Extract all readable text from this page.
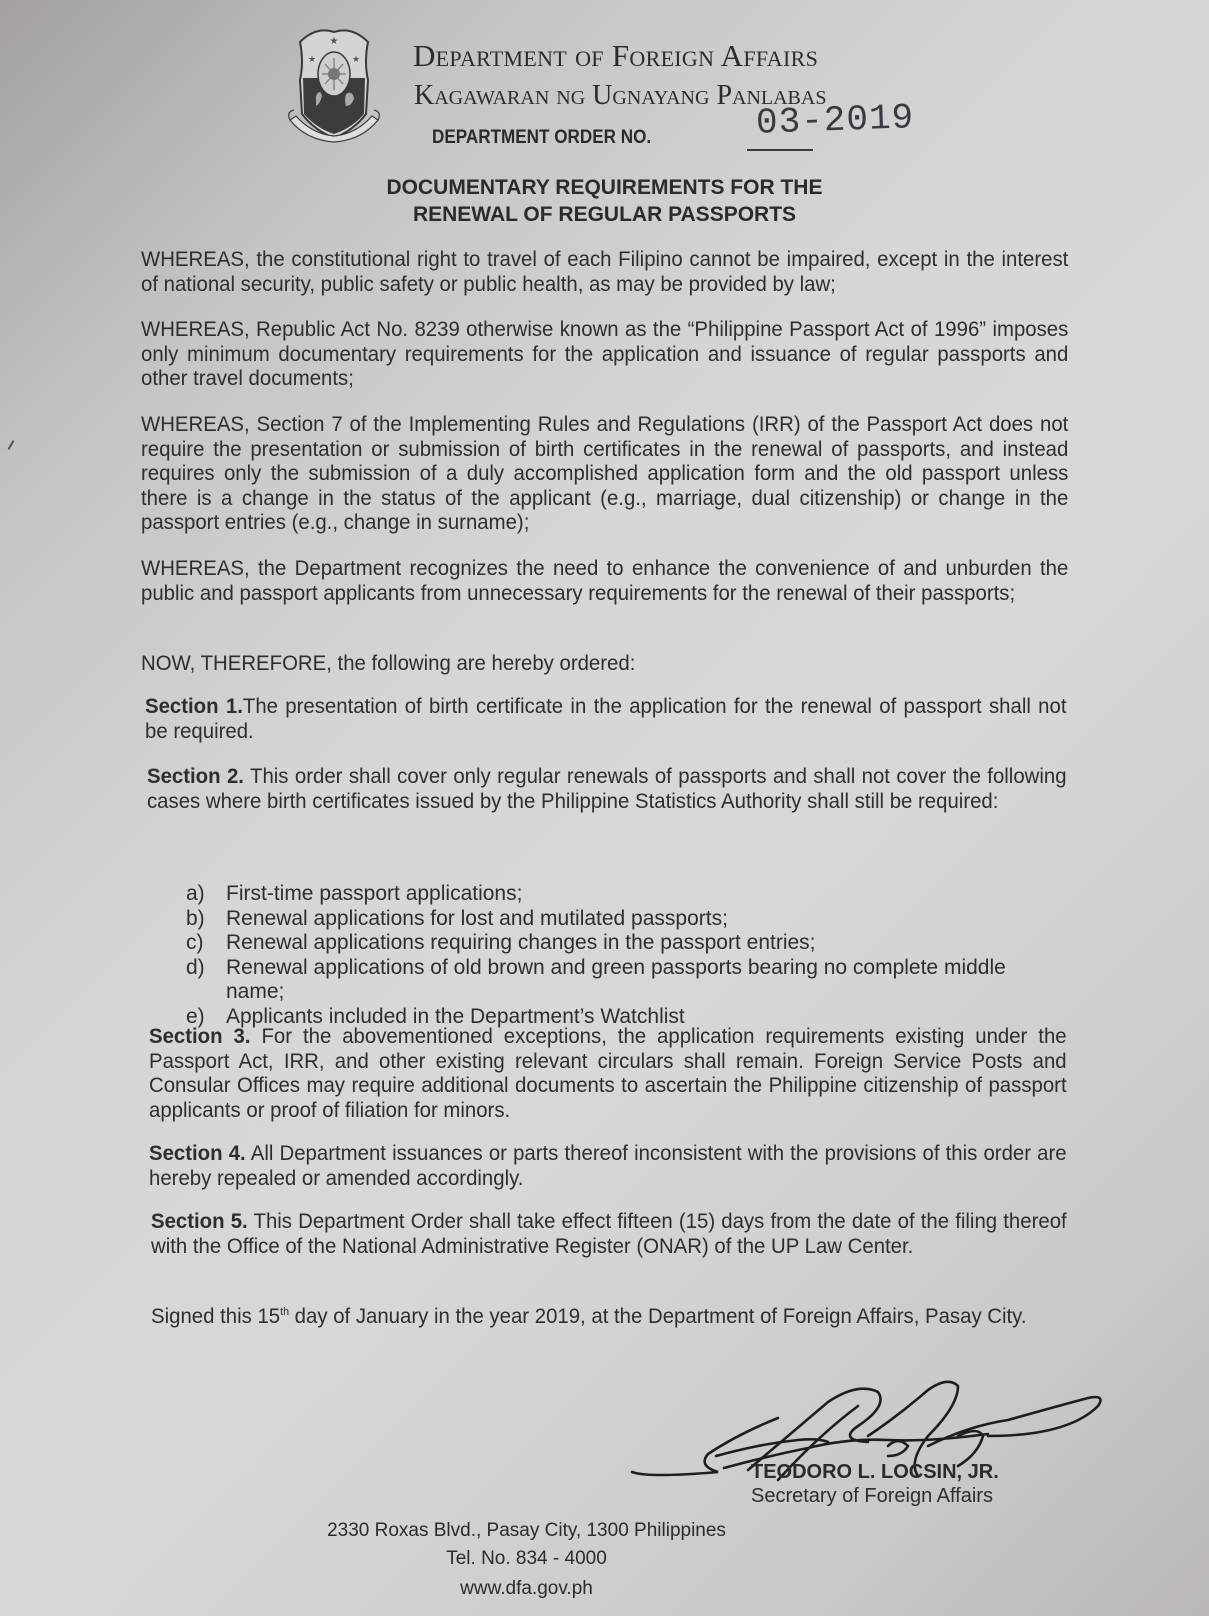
★
★	★ Department of Foreign Affairs
Kagawaran ng Ugnayang Panlabas
DEPARTMENT ORDER NO.	03-2019
DOCUMENTARY REQUIREMENTS FOR THE
RENEWAL OF REGULAR PASSPORTS
WHEREAS, the constitutional right to travel of each Filipino cannot be impaired, except in the interest of national security, public safety or public health, as may be provided by law;
WHEREAS, Republic Act No. 8239 otherwise known as the “Philippine Passport Act of 1996” imposes only minimum documentary requirements for the application and issuance of regular passports and other travel documents;
WHEREAS, Section 7 of the Implementing Rules and Regulations (IRR) of the Passport Act does not require the presentation or submission of birth certificates in the renewal of passports, and instead requires only the submission of a duly accomplished application form and the old passport unless there is a change in the status of the applicant (e.g., marriage, dual citizenship) or change in the passport entries (e.g., change in surname);
WHEREAS, the Department recognizes the need to enhance the convenience of and unburden the public and passport applicants from unnecessary requirements for the renewal of their passports;
NOW, THEREFORE, the following are hereby ordered:
Section 1.The presentation of birth certificate in the application for the renewal of passport shall not be required.
Section 2. This order shall cover only regular renewals of passports and shall not cover the following cases where birth certificates issued by the Philippine Statistics Authority shall still be required:
a)	First-time passport applications;
b)	Renewal applications for lost and mutilated passports;
c)	Renewal applications requiring changes in the passport entries;
d)	Renewal applications of old brown and green passports bearing no complete middle name;
e)	Applicants included in the Department’s Watchlist
Section 3. For the abovementioned exceptions, the application requirements existing under the Passport Act, IRR, and other existing relevant circulars shall remain. Foreign Service Posts and Consular Offices may require additional documents to ascertain the Philippine citizenship of passport applicants or proof of filiation for minors.
Section 4. All Department issuances or parts thereof inconsistent with the provisions of this order are hereby repealed or amended accordingly.
Section 5. This Department Order shall take effect fifteen (15) days from the date of the filing thereof with the Office of the National Administrative Register (ONAR) of the UP Law Center.
Signed this 15th day of January in the year 2019, at the Department of Foreign Affairs, Pasay City.
TEODORO L. LOCSIN, JR.
Secretary of Foreign Affairs
2330 Roxas Blvd., Pasay City, 1300 Philippines
Tel. No. 834 - 4000
www.dfa.gov.ph
